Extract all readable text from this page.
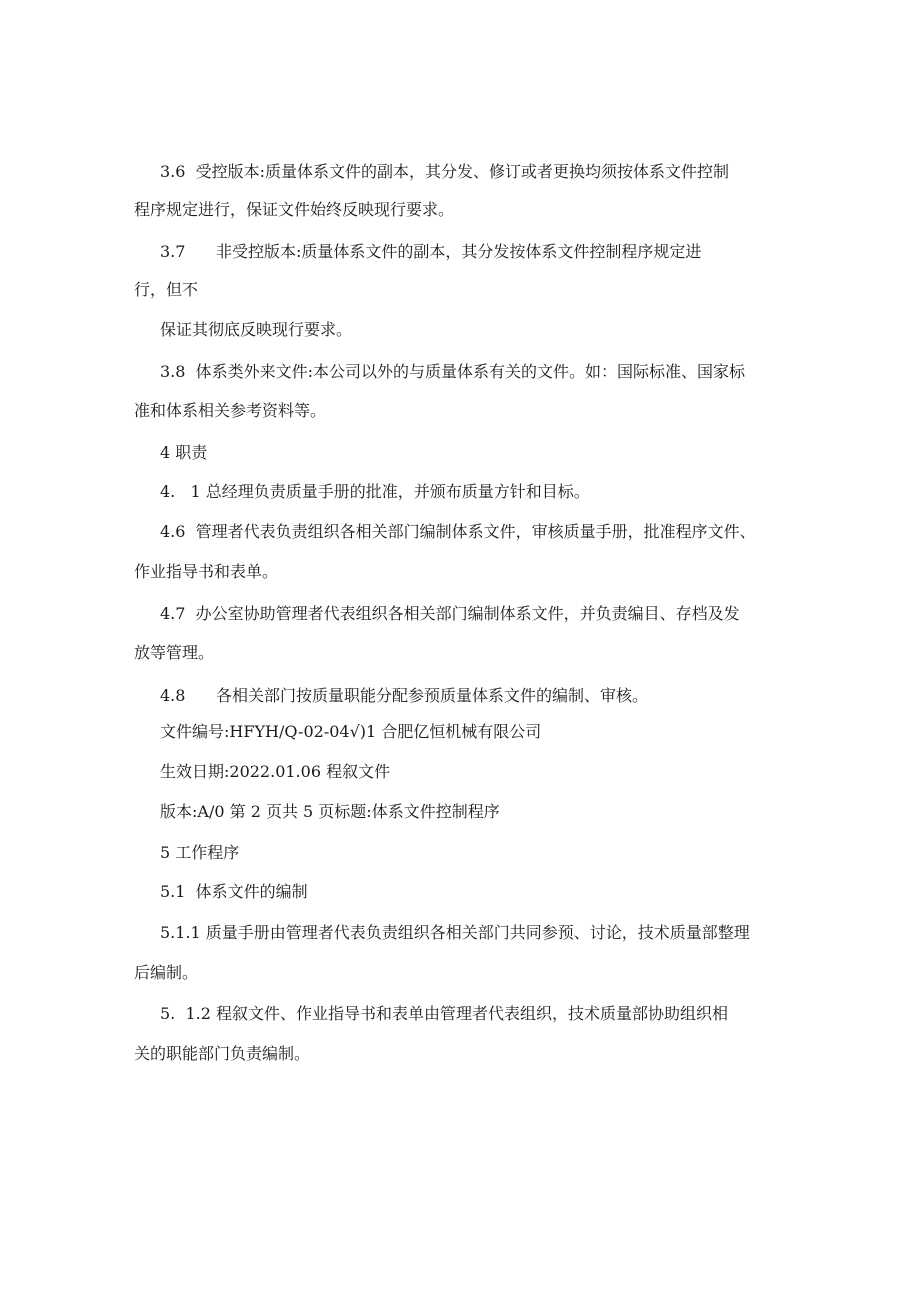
3.6  受控版本:质量体系文件的副本，其分发、修订或者更换均须按体系文件控制
程序规定进行，保证文件始终反映现行要求。
3.7      非受控版本:质量体系文件的副本，其分发按体系文件控制程序规定进
行，但不
保证其彻底反映现行要求。
3.8  体系类外来文件:本公司以外的与质量体系有关的文件。如：国际标准、国家标
准和体系相关参考资料等。
4 职责
4.   1 总经理负责质量手册的批准，并颁布质量方针和目标。
4.6  管理者代表负责组织各相关部门编制体系文件，审核质量手册，批准程序文件、
作业指导书和表单。
4.7  办公室协助管理者代表组织各相关部门编制体系文件，并负责编目、存档及发
放等管理。
4.8      各相关部门按质量职能分配参预质量体系文件的编制、审核。
文件编号:HFYH/Q-02-04√)1 合肥亿恒机械有限公司
生效日期:2022.01.06 程叙文件
版本:A/0 第 2 页共 5 页标题:体系文件控制程序
5 工作程序
5.1  体系文件的编制
5.1.1 质量手册由管理者代表负责组织各相关部门共同参预、讨论，技术质量部整理
后编制。
5.  1.2 程叙文件、作业指导书和表单由管理者代表组织，技术质量部协助组织相
关的职能部门负责编制。
